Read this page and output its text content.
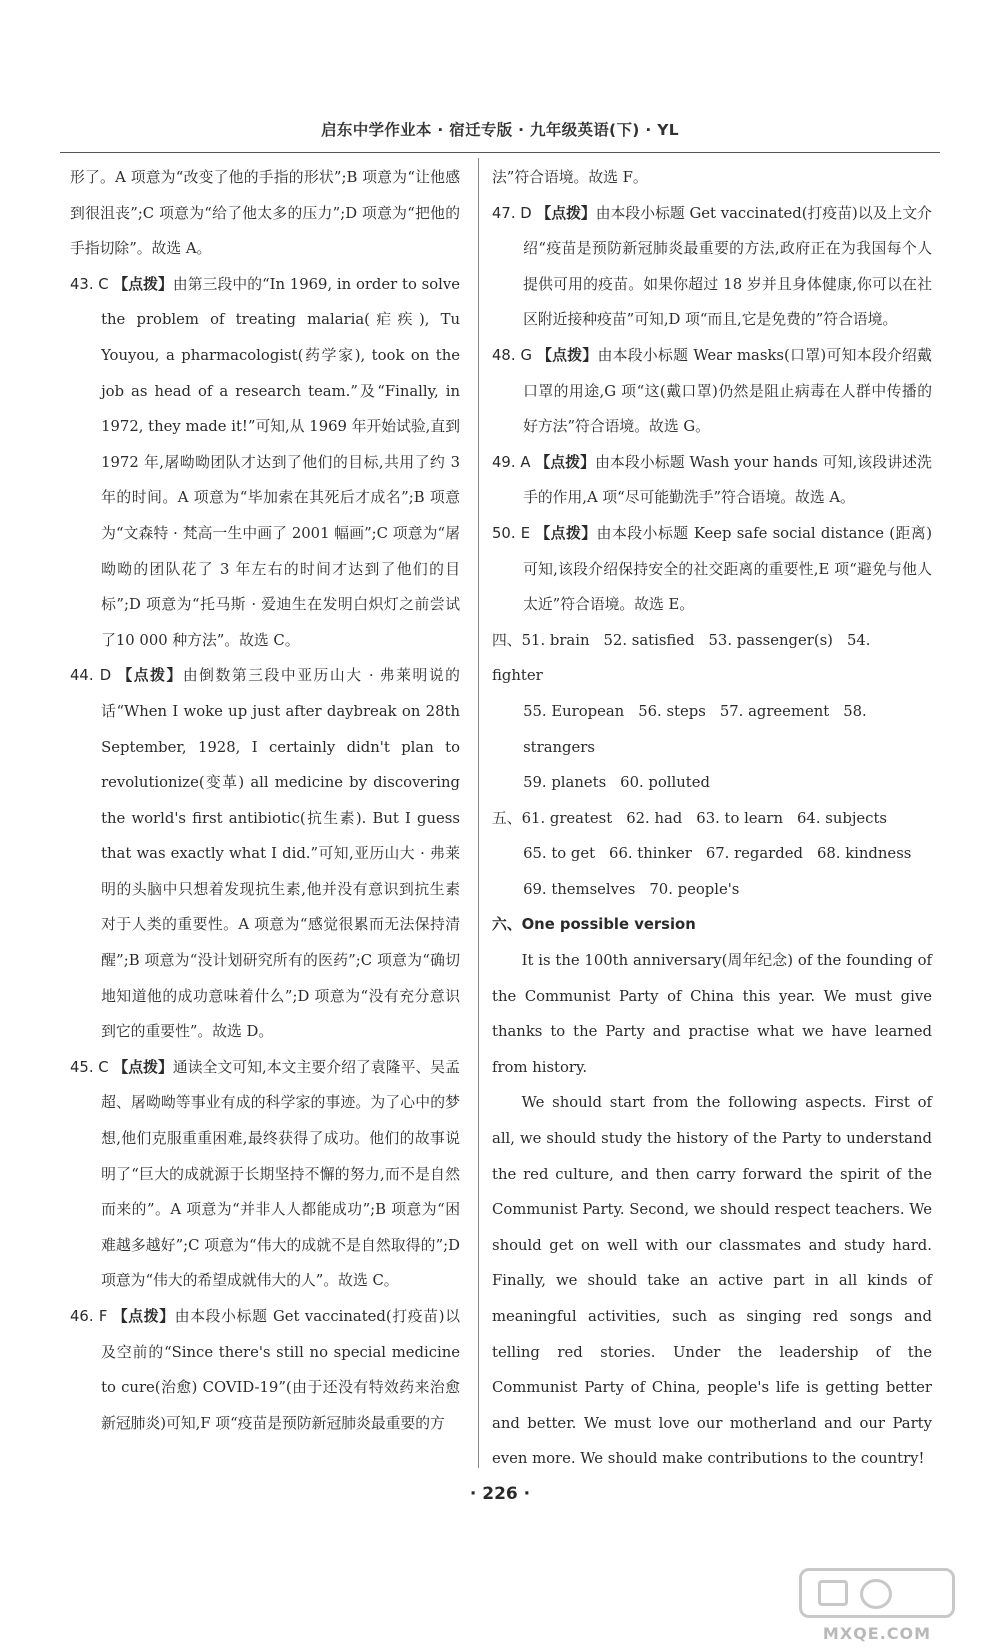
启东中学作业本 · 宿迁专版 · 九年级英语(下) · YL

形了。A 项意为“改变了他的手指的形状”;B 项意为“让他感到很沮丧”;C 项意为“给了他太多的压力”;D 项意为“把他的手指切除”。故选 A。

43. C 【点拨】由第三段中的“In 1969, in order to solve the problem of treating malaria(疟疾), Tu Youyou, a pharmacologist(药学家), took on the job as head of a research team.”及“Finally, in 1972, they made it!”可知,从 1969 年开始试验,直到 1972 年,屠呦呦团队才达到了他们的目标,共用了约 3 年的时间。A 项意为“毕加索在其死后才成名”;B 项意为“文森特 · 梵高一生中画了 2001 幅画”;C 项意为“屠呦呦的团队花了 3 年左右的时间才达到了他们的目标”;D 项意为“托马斯 · 爱迪生在发明白炽灯之前尝试了10 000 种方法”。故选 C。

44. D 【点拨】由倒数第三段中亚历山大 · 弗莱明说的话“When I woke up just after daybreak on 28th September, 1928, I certainly didn't plan to revolutionize(变革) all medicine by discovering the world's first antibiotic(抗生素). But I guess that was exactly what I did.”可知,亚历山大 · 弗莱明的头脑中只想着发现抗生素,他并没有意识到抗生素对于人类的重要性。A 项意为“感觉很累而无法保持清醒”;B 项意为“没计划研究所有的医药”;C 项意为“确切地知道他的成功意味着什么”;D 项意为“没有充分意识到它的重要性”。故选 D。

45. C 【点拨】通读全文可知,本文主要介绍了袁隆平、吴孟超、屠呦呦等事业有成的科学家的事迹。为了心中的梦想,他们克服重重困难,最终获得了成功。他们的故事说明了“巨大的成就源于长期坚持不懈的努力,而不是自然而来的”。A 项意为“并非人人都能成功”;B 项意为“困难越多越好”;C 项意为“伟大的成就不是自然取得的”;D 项意为“伟大的希望成就伟大的人”。故选 C。

46. F 【点拨】由本段小标题 Get vaccinated(打疫苗)以及空前的“Since there's still no special medicine to cure(治愈) COVID-19”(由于还没有特效药来治愈新冠肺炎)可知,F 项“疫苗是预防新冠肺炎最重要的方

法”符合语境。故选 F。

47. D 【点拨】由本段小标题 Get vaccinated(打疫苗)以及上文介绍“疫苗是预防新冠肺炎最重要的方法,政府正在为我国每个人提供可用的疫苗。如果你超过 18 岁并且身体健康,你可以在社区附近接种疫苗”可知,D 项“而且,它是免费的”符合语境。

48. G 【点拨】由本段小标题 Wear masks(口罩)可知本段介绍戴口罩的用途,G 项“这(戴口罩)仍然是阻止病毒在人群中传播的好方法”符合语境。故选 G。

49. A 【点拨】由本段小标题 Wash your hands 可知,该段讲述洗手的作用,A 项“尽可能勤洗手”符合语境。故选 A。

50. E 【点拨】由本段小标题 Keep safe social distance (距离)可知,该段介绍保持安全的社交距离的重要性,E 项“避免与他人太近”符合语境。故选 E。

四、51. brain 52. satisfied 53. passenger(s) 54. fighter

55. European 56. steps 57. agreement 58. strangers

59. planets 60. polluted

五、61. greatest 62. had 63. to learn 64. subjects

65. to get 66. thinker 67. regarded 68. kindness

69. themselves 70. people's

六、One possible version

It is the 100th anniversary(周年纪念) of the founding of the Communist Party of China this year. We must give thanks to the Party and practise what we have learned from history.

We should start from the following aspects. First of all, we should study the history of the Party to understand the red culture, and then carry forward the spirit of the Communist Party. Second, we should respect teachers. We should get on well with our classmates and study hard. Finally, we should take an active part in all kinds of meaningful activities, such as singing red songs and telling red stories. Under the leadership of the Communist Party of China, people's life is getting better and better. We must love our motherland and our Party even more. We should make contributions to the country!

· 226 ·
MXQE.COM
